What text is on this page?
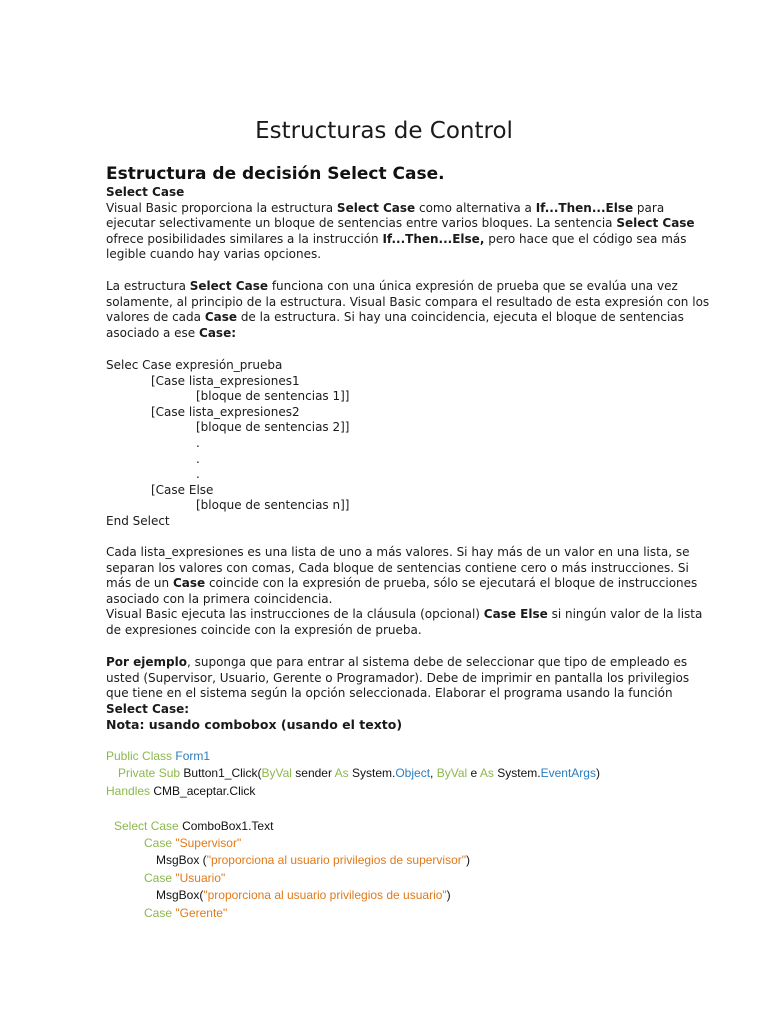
Estructuras de Control
Estructura de decisión Select Case.
Select Case
Visual Basic proporciona la estructura Select Case como alternativa a If...Then...Else para
ejecutar selectivamente un bloque de sentencias entre varios bloques. La sentencia Select Case
ofrece posibilidades similares a la instrucción If...Then...Else, pero hace que el código sea más
legible cuando hay varias opciones.
La estructura Select Case funciona con una única expresión de prueba que se evalúa una vez
solamente, al principio de la estructura. Visual Basic compara el resultado de esta expresión con los
valores de cada Case de la estructura. Si hay una coincidencia, ejecuta el bloque de sentencias
asociado a ese Case:
Selec Case expresión_prueba
[Case lista_expresiones1
[bloque de sentencias 1]]
[Case lista_expresiones2
[bloque de sentencias 2]]
.
.
.
[Case Else
[bloque de sentencias n]]
End Select
Cada lista_expresiones es una lista de uno a más valores. Si hay más de un valor en una lista, se
separan los valores con comas, Cada bloque de sentencias contiene cero o más instrucciones. Si
más de un Case coincide con la expresión de prueba, sólo se ejecutará el bloque de instrucciones
asociado con la primera coincidencia.
Visual Basic ejecuta las instrucciones de la cláusula (opcional) Case Else si ningún valor de la lista
de expresiones coincide con la expresión de prueba.
Por ejemplo, suponga que para entrar al sistema debe de seleccionar que tipo de empleado es
usted (Supervisor, Usuario, Gerente o Programador). Debe de imprimir en pantalla los privilegios
que tiene en el sistema según la opción seleccionada. Elaborar el programa usando la función
Select Case:
Nota: usando combobox (usando el texto)
Public Class Form1
Private Sub Button1_Click(ByVal sender As System.Object, ByVal e As System.EventArgs)
Handles CMB_aceptar.Click

Select Case ComboBox1.Text
Case "Supervisor"
MsgBox ("proporciona al usuario privilegios de supervisor")
Case "Usuario"
MsgBox("proporciona al usuario privilegios de usuario")
Case "Gerente"
